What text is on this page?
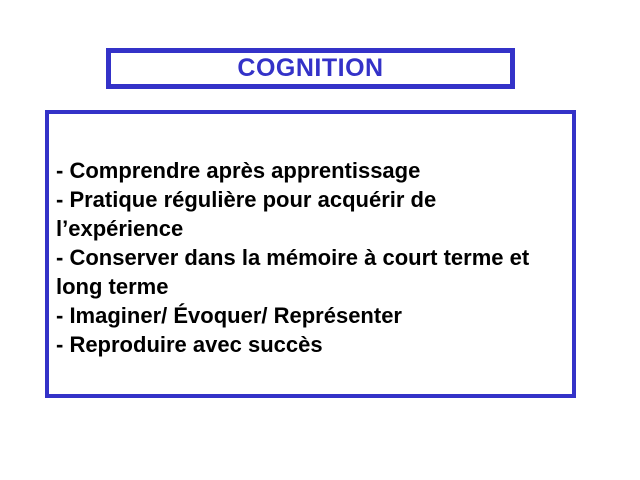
COGNITION
- Comprendre après apprentissage
- Pratique régulière pour acquérir de l’expérience
- Conserver dans la mémoire à court terme et long terme
- Imaginer/ Évoquer/ Représenter
- Reproduire avec succès
